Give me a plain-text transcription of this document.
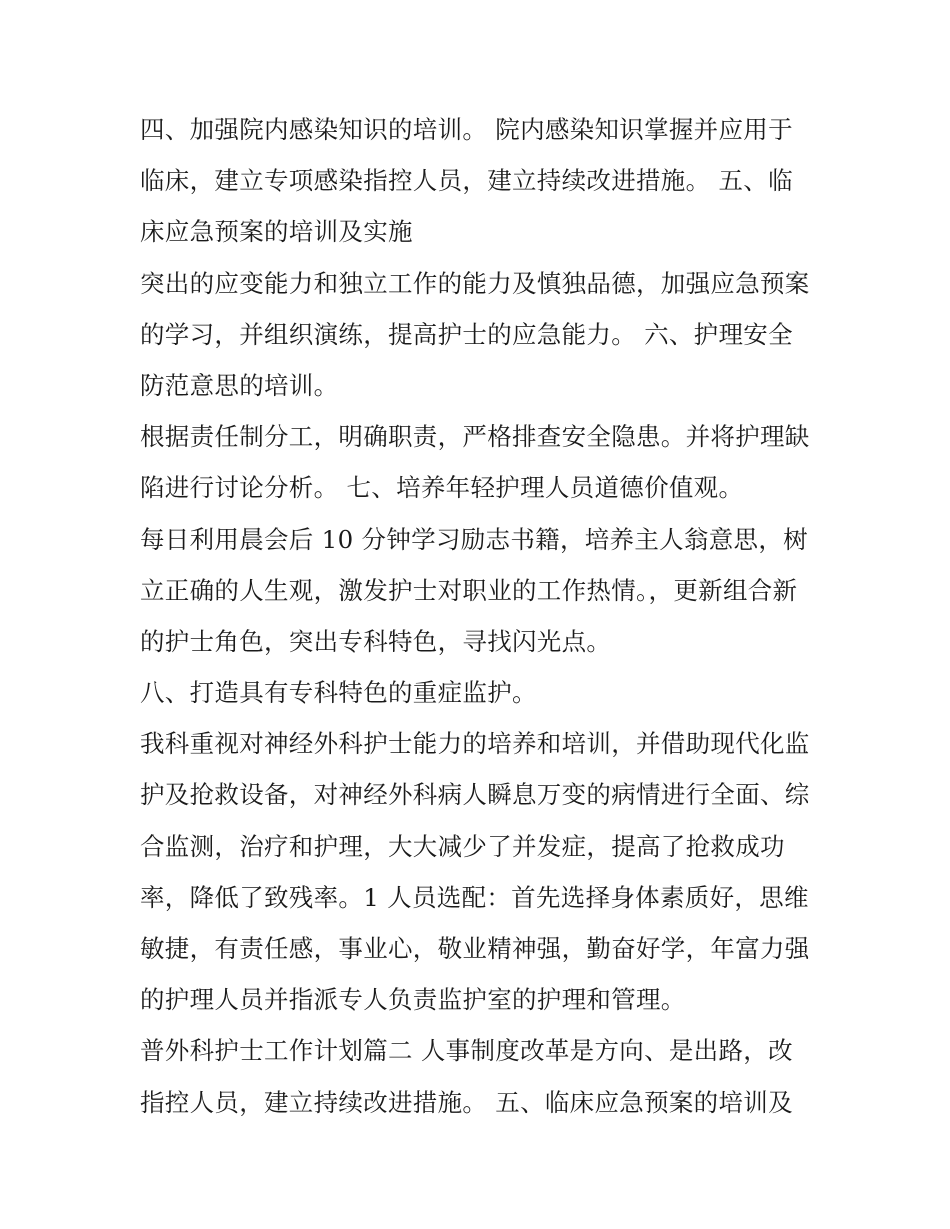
四、加强院内感染知识的培训。 院内感染知识掌握并应用于
临床，建立专项感染指控人员，建立持续改进措施。 五、临
床应急预案的培训及实施
突出的应变能力和独立工作的能力及慎独品德，加强应急预案
的学习，并组织演练，提高护士的应急能力。 六、护理安全
防范意思的培训。
根据责任制分工，明确职责，严格排查安全隐患。并将护理缺
陷进行讨论分析。 七、培养年轻护理人员道德价值观。
每日利用晨会后 10 分钟学习励志书籍，培养主人翁意思，树
立正确的人生观，激发护士对职业的工作热情。，更新组合新
的护士角色，突出专科特色，寻找闪光点。
八、打造具有专科特色的重症监护。
我科重视对神经外科护士能力的培养和培训，并借助现代化监
护及抢救设备，对神经外科病人瞬息万变的病情进行全面、综
合监测，治疗和护理，大大减少了并发症，提高了抢救成功
率，降低了致残率。1 人员选配：首先选择身体素质好，思维
敏捷，有责任感，事业心，敬业精神强，勤奋好学，年富力强
的护理人员并指派专人负责监护室的护理和管理。
普外科护士工作计划篇二 人事制度改革是方向、是出路，改
指控人员，建立持续改进措施。 五、临床应急预案的培训及
